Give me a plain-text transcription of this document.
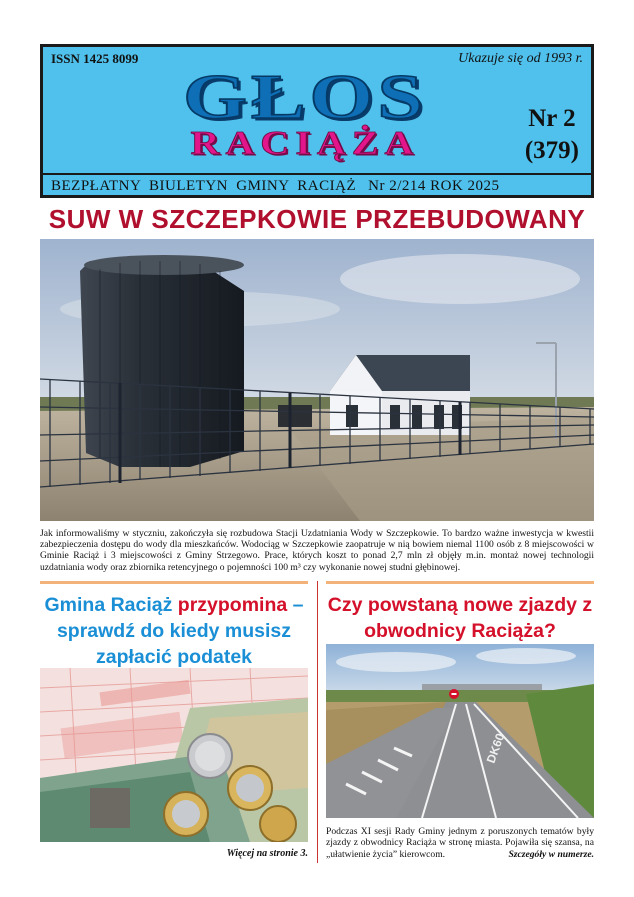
ISSN 1425 8099	Ukazuje się od 1993 r.
GŁOS
RACIĄŻA
Nr 2
(379)
BEZPŁATNY BIULETYN GMINY RACIĄŻ Nr 2/214 ROK 2025
SUW W SZCZEPKOWIE PRZEBUDOWANY

Jak informowaliśmy w styczniu, zakończyła się rozbudowa Stacji Uzdatniania Wody w Szczepkowie. To bardzo ważne inwestycja w kwestii zabezpieczenia dostępu do wody dla mieszkańców. Wodociąg w Szczepkowie zaopatruje w nią bowiem niemal 1100 osób z 8 miejscowości w Gminie Raciąż i 3 miejscowości z Gminy Strzegowo. Prace, których koszt to ponad 2,7 mln zł objęły m.in. montaż nowej technologii uzdatniania wody oraz zbiornika retencyjnego o pojemności 100 m³ czy wykonanie nowej studni głębinowej.

Gmina Raciąż przypomina – sprawdź do kiedy musisz zapłacić podatek
Więcej na stronie 3.
Czy powstaną nowe zjazdy z obwodnicy Raciąża?
DK60
Podczas XI sesji Rady Gminy jednym z poruszonych tematów były zjazdy z obwodnicy Raciąża w stronę miasta. Pojawiła się szansa, na „ułatwienie życia” kierowcom.	Szczegóły w numerze.
